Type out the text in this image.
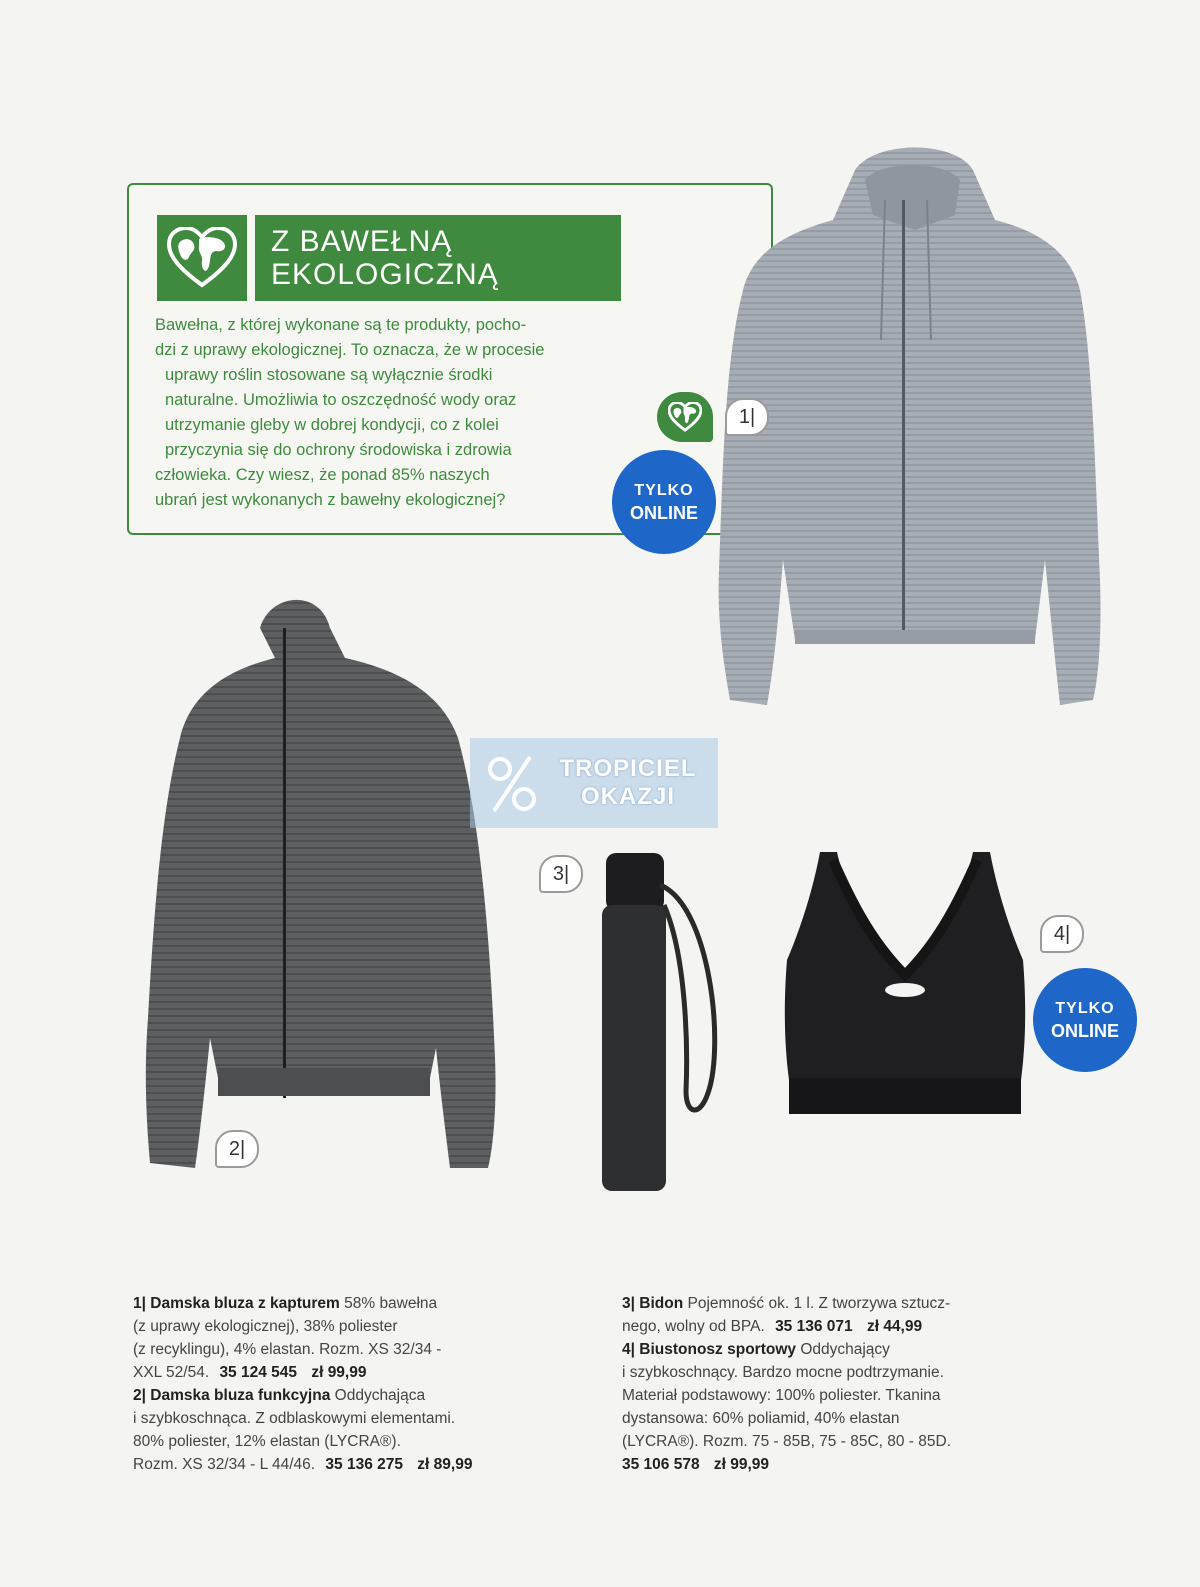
Z BAWEŁNĄ
EKOLOGICZNĄ
Bawełna, z której wykonane są te produkty, pocho-
dzi z uprawy ekologicznej. To oznacza, że w procesie
uprawy roślin stosowane są wyłącznie środki
naturalne. Umożliwia to oszczędność wody oraz
utrzymanie gleby w dobrej kondycji, co z kolei
przyczynia się do ochrony środowiska i zdrowia
człowieka. Czy wiesz, że ponad 85% naszych
ubrań jest wykonanych z bawełny ekologicznej?
1|
TYLKO
ONLINE
2|
TROPICIEL
OKAZJI
3|
4|
TYLKO
ONLINE

1| Damska bluza z kapturem 58% bawełna
(z uprawy ekologicznej), 38% poliester
(z recyklingu), 4% elastan. Rozm. XS 32/34 -
XXL 52/54. 35 124 545 zł 99,99

2| Damska bluza funkcyjna Oddychająca
i szybkoschnąca. Z odblaskowymi elementami.
80% poliester, 12% elastan (LYCRA®).
Rozm. XS 32/34 - L 44/46. 35 136 275 zł 89,99

3| Bidon Pojemność ok. 1 l. Z tworzywa sztucz-
nego, wolny od BPA. 35 136 071 zł 44,99

4| Biustonosz sportowy Oddychający
i szybkoschnący. Bardzo mocne podtrzymanie.
Materiał podstawowy: 100% poliester. Tkanina
dystansowa: 60% poliamid, 40% elastan
(LYCRA®). Rozm. 75 - 85B, 75 - 85C, 80 - 85D.
35 106 578 zł 99,99
